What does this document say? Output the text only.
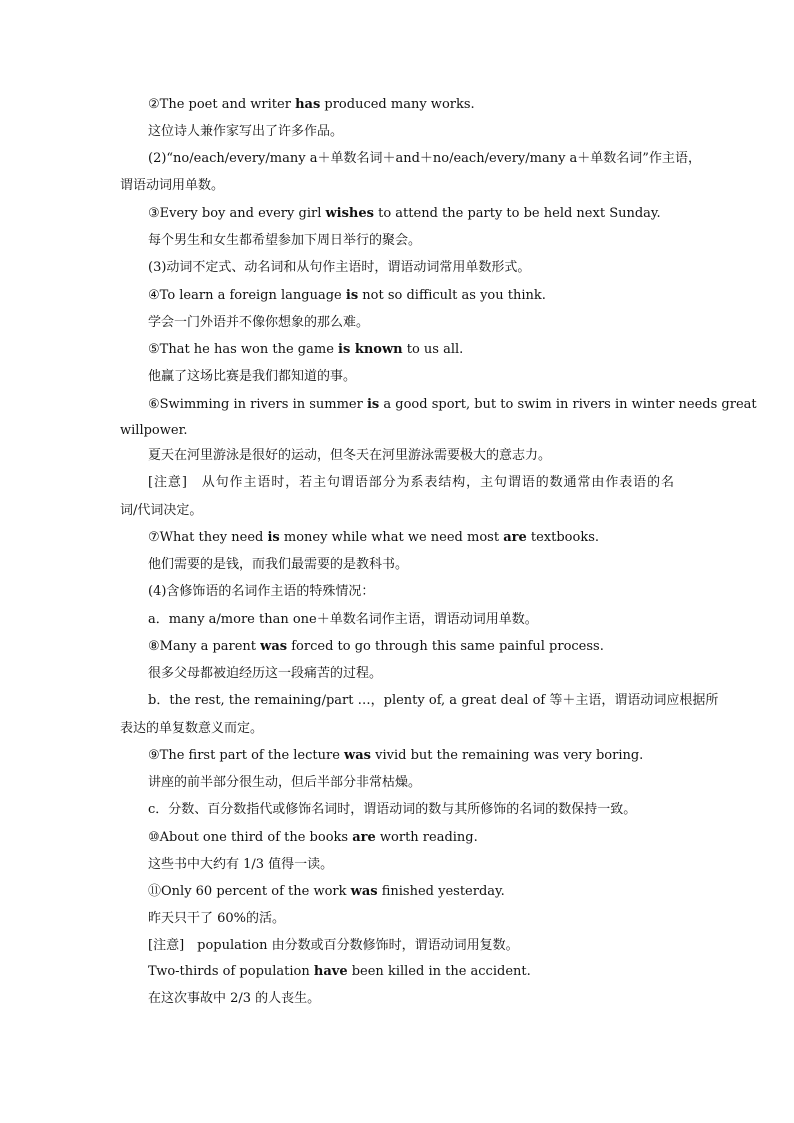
②The poet and writer has produced many works.
这位诗人兼作家写出了许多作品。
(2)“no/each/every/many a＋单数名词＋and＋no/each/every/many a＋单数名词”作主语，
谓语动词用单数。
③Every boy and every girl wishes to attend the party to be held next Sunday.
每个男生和女生都希望参加下周日举行的聚会。
(3)动词不定式、动名词和从句作主语时，谓语动词常用单数形式。
④To learn a foreign language is not so difficult as you think.
学会一门外语并不像你想象的那么难。
⑤That he has won the game is known to us all.
他赢了这场比赛是我们都知道的事。
⑥Swimming in rivers in summer is a good sport, but to swim in rivers in winter needs great
willpower.
夏天在河里游泳是很好的运动，但冬天在河里游泳需要极大的意志力。
[注意]　从句作主语时，若主句谓语部分为系表结构，主句谓语的数通常由作表语的名
词/代词决定。
⑦What they need is money while what we need most are textbooks.
他们需要的是钱，而我们最需要的是教科书。
(4)含修饰语的名词作主语的特殊情况：
a．many a/more than one＋单数名词作主语，谓语动词用单数。
⑧Many a parent was forced to go through this same painful process.
很多父母都被迫经历这一段痛苦的过程。
b．the rest, the remaining/part …，plenty of, a great deal of 等＋主语，谓语动词应根据所
表达的单复数意义而定。
⑨The first part of the lecture was vivid but the remaining was very boring.
讲座的前半部分很生动，但后半部分非常枯燥。
c．分数、百分数指代或修饰名词时，谓语动词的数与其所修饰的名词的数保持一致。
⑩About one third of the books are worth reading.
这些书中大约有 1/3 值得一读。
⑪Only 60 percent of the work was finished yesterday.
昨天只干了 60%的活。
[注意]　population 由分数或百分数修饰时，谓语动词用复数。
Two-thirds of population have been killed in the accident.
在这次事故中 2/3 的人丧生。
